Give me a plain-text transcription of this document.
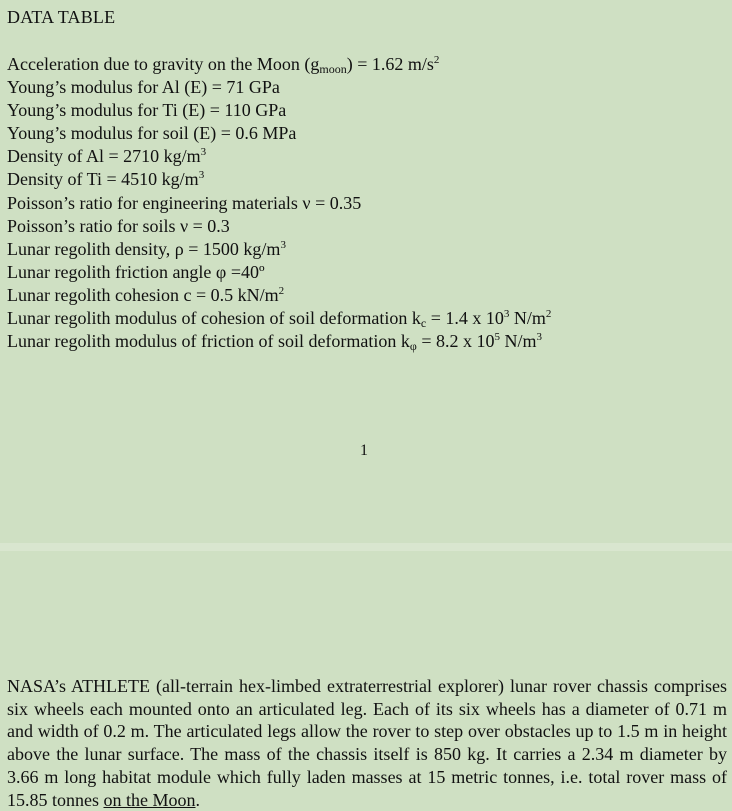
DATA TABLE
Acceleration due to gravity on the Moon $(g_{moon}) = 1.62$ $m/s^2$
Young’s modulus for Al (E) = 71 GPa
Young’s modulus for Ti (E) = 110 GPa
Young’s modulus for soil (E) = 0.6 MPa
Density of Al = 2710 $kg/m^3$
Density of Ti = 4510 $kg/m^3$
Poisson’s ratio for engineering materials ν = 0.35
Poisson’s ratio for soils ν = 0.3
Lunar regolith density, ρ = 1500 $kg/m^3$
Lunar regolith friction angle φ =40º
Lunar regolith cohesion c = 0.5 $kN/m^2$
Lunar regolith modulus of cohesion of soil deformation $k_c = 1.4$ x $10^3$ $N/m^2$
Lunar regolith modulus of friction of soil deformation $k_\varphi = 8.2$ x $10^5$ $N/m^3$
1

NASA’s ATHLETE (all-terrain hex-limbed extraterrestrial explorer) lunar rover chassis comprises six wheels each mounted onto an articulated leg. Each of its six wheels has a diameter of 0.71 m and width of 0.2 m. The articulated legs allow the rover to step over obstacles up to 1.5 m in height above the lunar surface. The mass of the chassis itself is 850 kg. It carries a 2.34 m diameter by 3.66 m long habitat module which fully laden masses at 15 metric tonnes, i.e. total rover mass of 15.85 tonnes on the Moon.
